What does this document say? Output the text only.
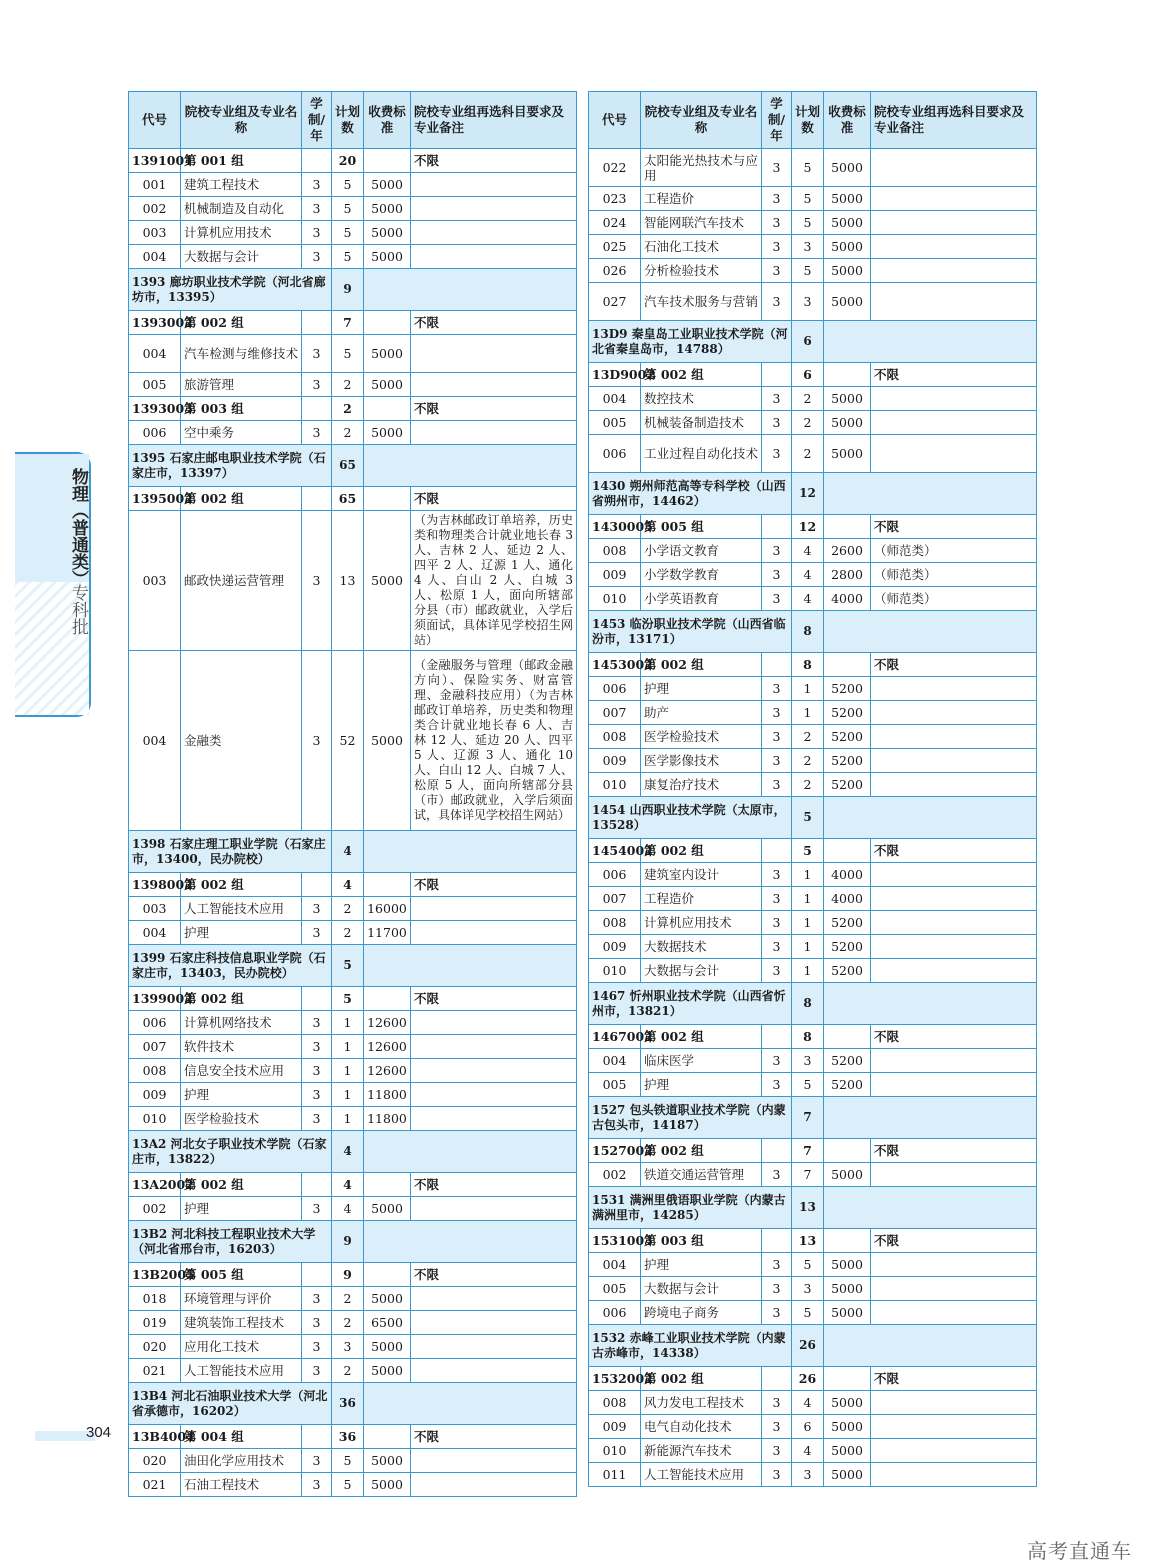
物理（普通类）
专科批
代号	院校专业组及专业名称	学制/年	计划数	收费标准	院校专业组再选科目要求及专业备注
1391001	第 001 组		20		不限
001	建筑工程技术	3	5	5000	
002	机械制造及自动化	3	5	5000	
003	计算机应用技术	3	5	5000	
004	大数据与会计	3	5	5000	
1393 廊坊职业技术学院（河北省廊坊市，13395）			9		
1393002	第 002 组		7		不限
004	汽车检测与维修技术	3	5	5000	
005	旅游管理	3	2	5000	
1393003	第 003 组		2		不限
006	空中乘务	3	2	5000	
1395 石家庄邮电职业技术学院（石家庄市，13397）			65		
1395002	第 002 组		65		不限
003	邮政快递运营管理	3	13	5000	（为吉林邮政订单培养，历史类和物理类合计就业地长春 3 人、吉林 2 人、延边 2 人、四平 2 人、辽源 1 人、通化 4 人、白山 2 人、白城 3 人、松原 1 人，面向所辖部分县（市）邮政就业，入学后须面试，具体详见学校招生网站）
004	金融类	3	52	5000	（金融服务与管理（邮政金融方向）、保险实务、财富管理、金融科技应用）（为吉林邮政订单培养，历史类和物理类合计就业地长春 6 人、吉林 12 人、延边 20 人、四平 5 人、辽源 3 人、通化 10 人、白山 12 人、白城 7 人、松原 5 人，面向所辖部分县（市）邮政就业，入学后须面试，具体详见学校招生网站）
1398 石家庄理工职业学院（石家庄市，13400，民办院校）			4		
1398002	第 002 组		4		不限
003	人工智能技术应用	3	2	16000	
004	护理	3	2	11700	
1399 石家庄科技信息职业学院（石家庄市，13403，民办院校）			5		
1399002	第 002 组		5		不限
006	计算机网络技术	3	1	12600	
007	软件技术	3	1	12600	
008	信息安全技术应用	3	1	12600	
009	护理	3	1	11800	
010	医学检验技术	3	1	11800	
13A2 河北女子职业技术学院（石家庄市，13822）			4		
13A2002	第 002 组		4		不限
002	护理	3	4	5000	
13B2 河北科技工程职业技术大学（河北省邢台市，16203）			9		
13B2005	第 005 组		9		不限
018	环境管理与评价	3	2	5000	
019	建筑装饰工程技术	3	2	6500	
020	应用化工技术	3	3	5000	
021	人工智能技术应用	3	2	5000	
13B4 河北石油职业技术大学（河北省承德市，16202）			36		
13B4004	第 004 组		36		不限
020	油田化学应用技术	3	5	5000	
021	石油工程技术	3	5	5000	
代号	院校专业组及专业名称	学制/年	计划数	收费标准	院校专业组再选科目要求及专业备注
022	太阳能光热技术与应用	3	5	5000	
023	工程造价	3	5	5000	
024	智能网联汽车技术	3	5	5000	
025	石油化工技术	3	3	5000	
026	分析检验技术	3	5	5000	
027	汽车技术服务与营销	3	3	5000	
13D9 秦皇岛工业职业技术学院（河北省秦皇岛市，14788）			6		
13D9002	第 002 组		6		不限
004	数控技术	3	2	5000	
005	机械装备制造技术	3	2	5000	
006	工业过程自动化技术	3	2	5000	
1430 朔州师范高等专科学校（山西省朔州市，14462）			12		
1430005	第 005 组		12		不限
008	小学语文教育	3	4	2600	（师范类）
009	小学数学教育	3	4	2800	（师范类）
010	小学英语教育	3	4	4000	（师范类）
1453 临汾职业技术学院（山西省临汾市，13171）			8		
1453002	第 002 组		8		不限
006	护理	3	1	5200	
007	助产	3	1	5200	
008	医学检验技术	3	2	5200	
009	医学影像技术	3	2	5200	
010	康复治疗技术	3	2	5200	
1454 山西职业技术学院（太原市，13528）			5		
1454002	第 002 组		5		不限
006	建筑室内设计	3	1	4000	
007	工程造价	3	1	4000	
008	计算机应用技术	3	1	5200	
009	大数据技术	3	1	5200	
010	大数据与会计	3	1	5200	
1467 忻州职业技术学院（山西省忻州市，13821）			8		
1467002	第 002 组		8		不限
004	临床医学	3	3	5200	
005	护理	3	5	5200	
1527 包头铁道职业技术学院（内蒙古包头市，14187）			7		
1527002	第 002 组		7		不限
002	铁道交通运营管理	3	7	5000	
1531 满洲里俄语职业学院（内蒙古满洲里市，14285）			13		
1531003	第 003 组		13		不限
004	护理	3	5	5000	
005	大数据与会计	3	3	5000	
006	跨境电子商务	3	5	5000	
1532 赤峰工业职业技术学院（内蒙古赤峰市，14338）			26		
1532002	第 002 组		26		不限
008	风力发电工程技术	3	4	5000	
009	电气自动化技术	3	6	5000	
010	新能源汽车技术	3	4	5000	
011	人工智能技术应用	3	3	5000	
304
高考直通车
